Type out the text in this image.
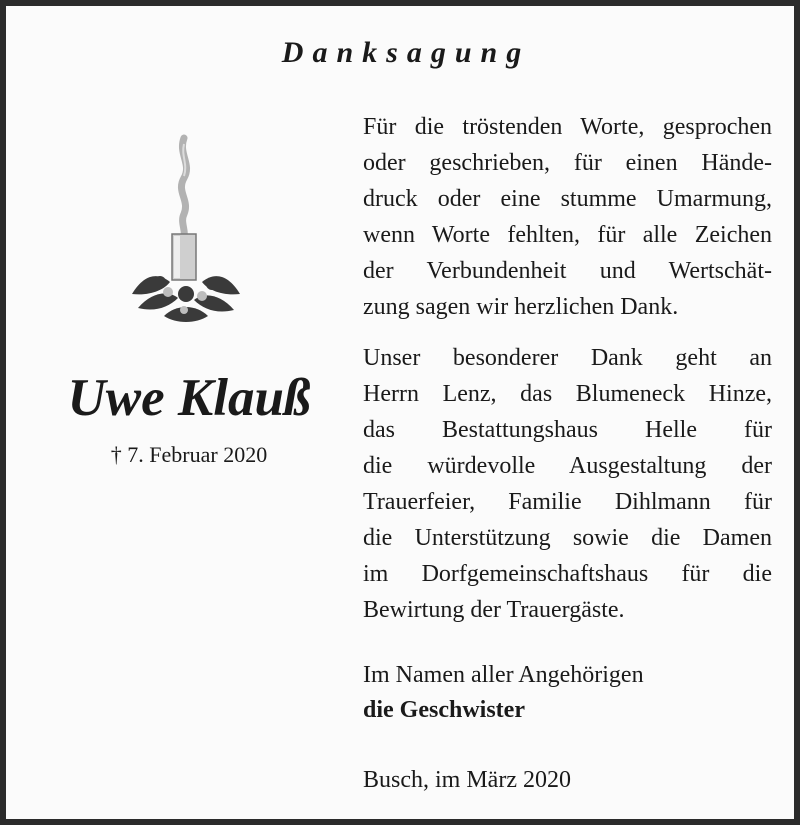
Danksagung
Uwe Klauß
† 7. Februar 2020
Für die tröstenden Worte, gesprochen
oder geschrieben, für einen Hände-
druck oder eine stumme Umarmung,
wenn Worte fehlten, für alle Zeichen
der Verbundenheit und Wertschät-
zung sagen wir herzlichen Dank.
Unser besonderer Dank geht an
Herrn Lenz, das Blumeneck Hinze,
das Bestattungshaus Helle für
die würdevolle Ausgestaltung der
Trauerfeier, Familie Dihlmann für
die Unterstützung sowie die Damen
im Dorfgemeinschaftshaus für die
Bewirtung der Trauergäste.
Im Namen aller Angehörigen
die Geschwister
Busch, im März 2020
